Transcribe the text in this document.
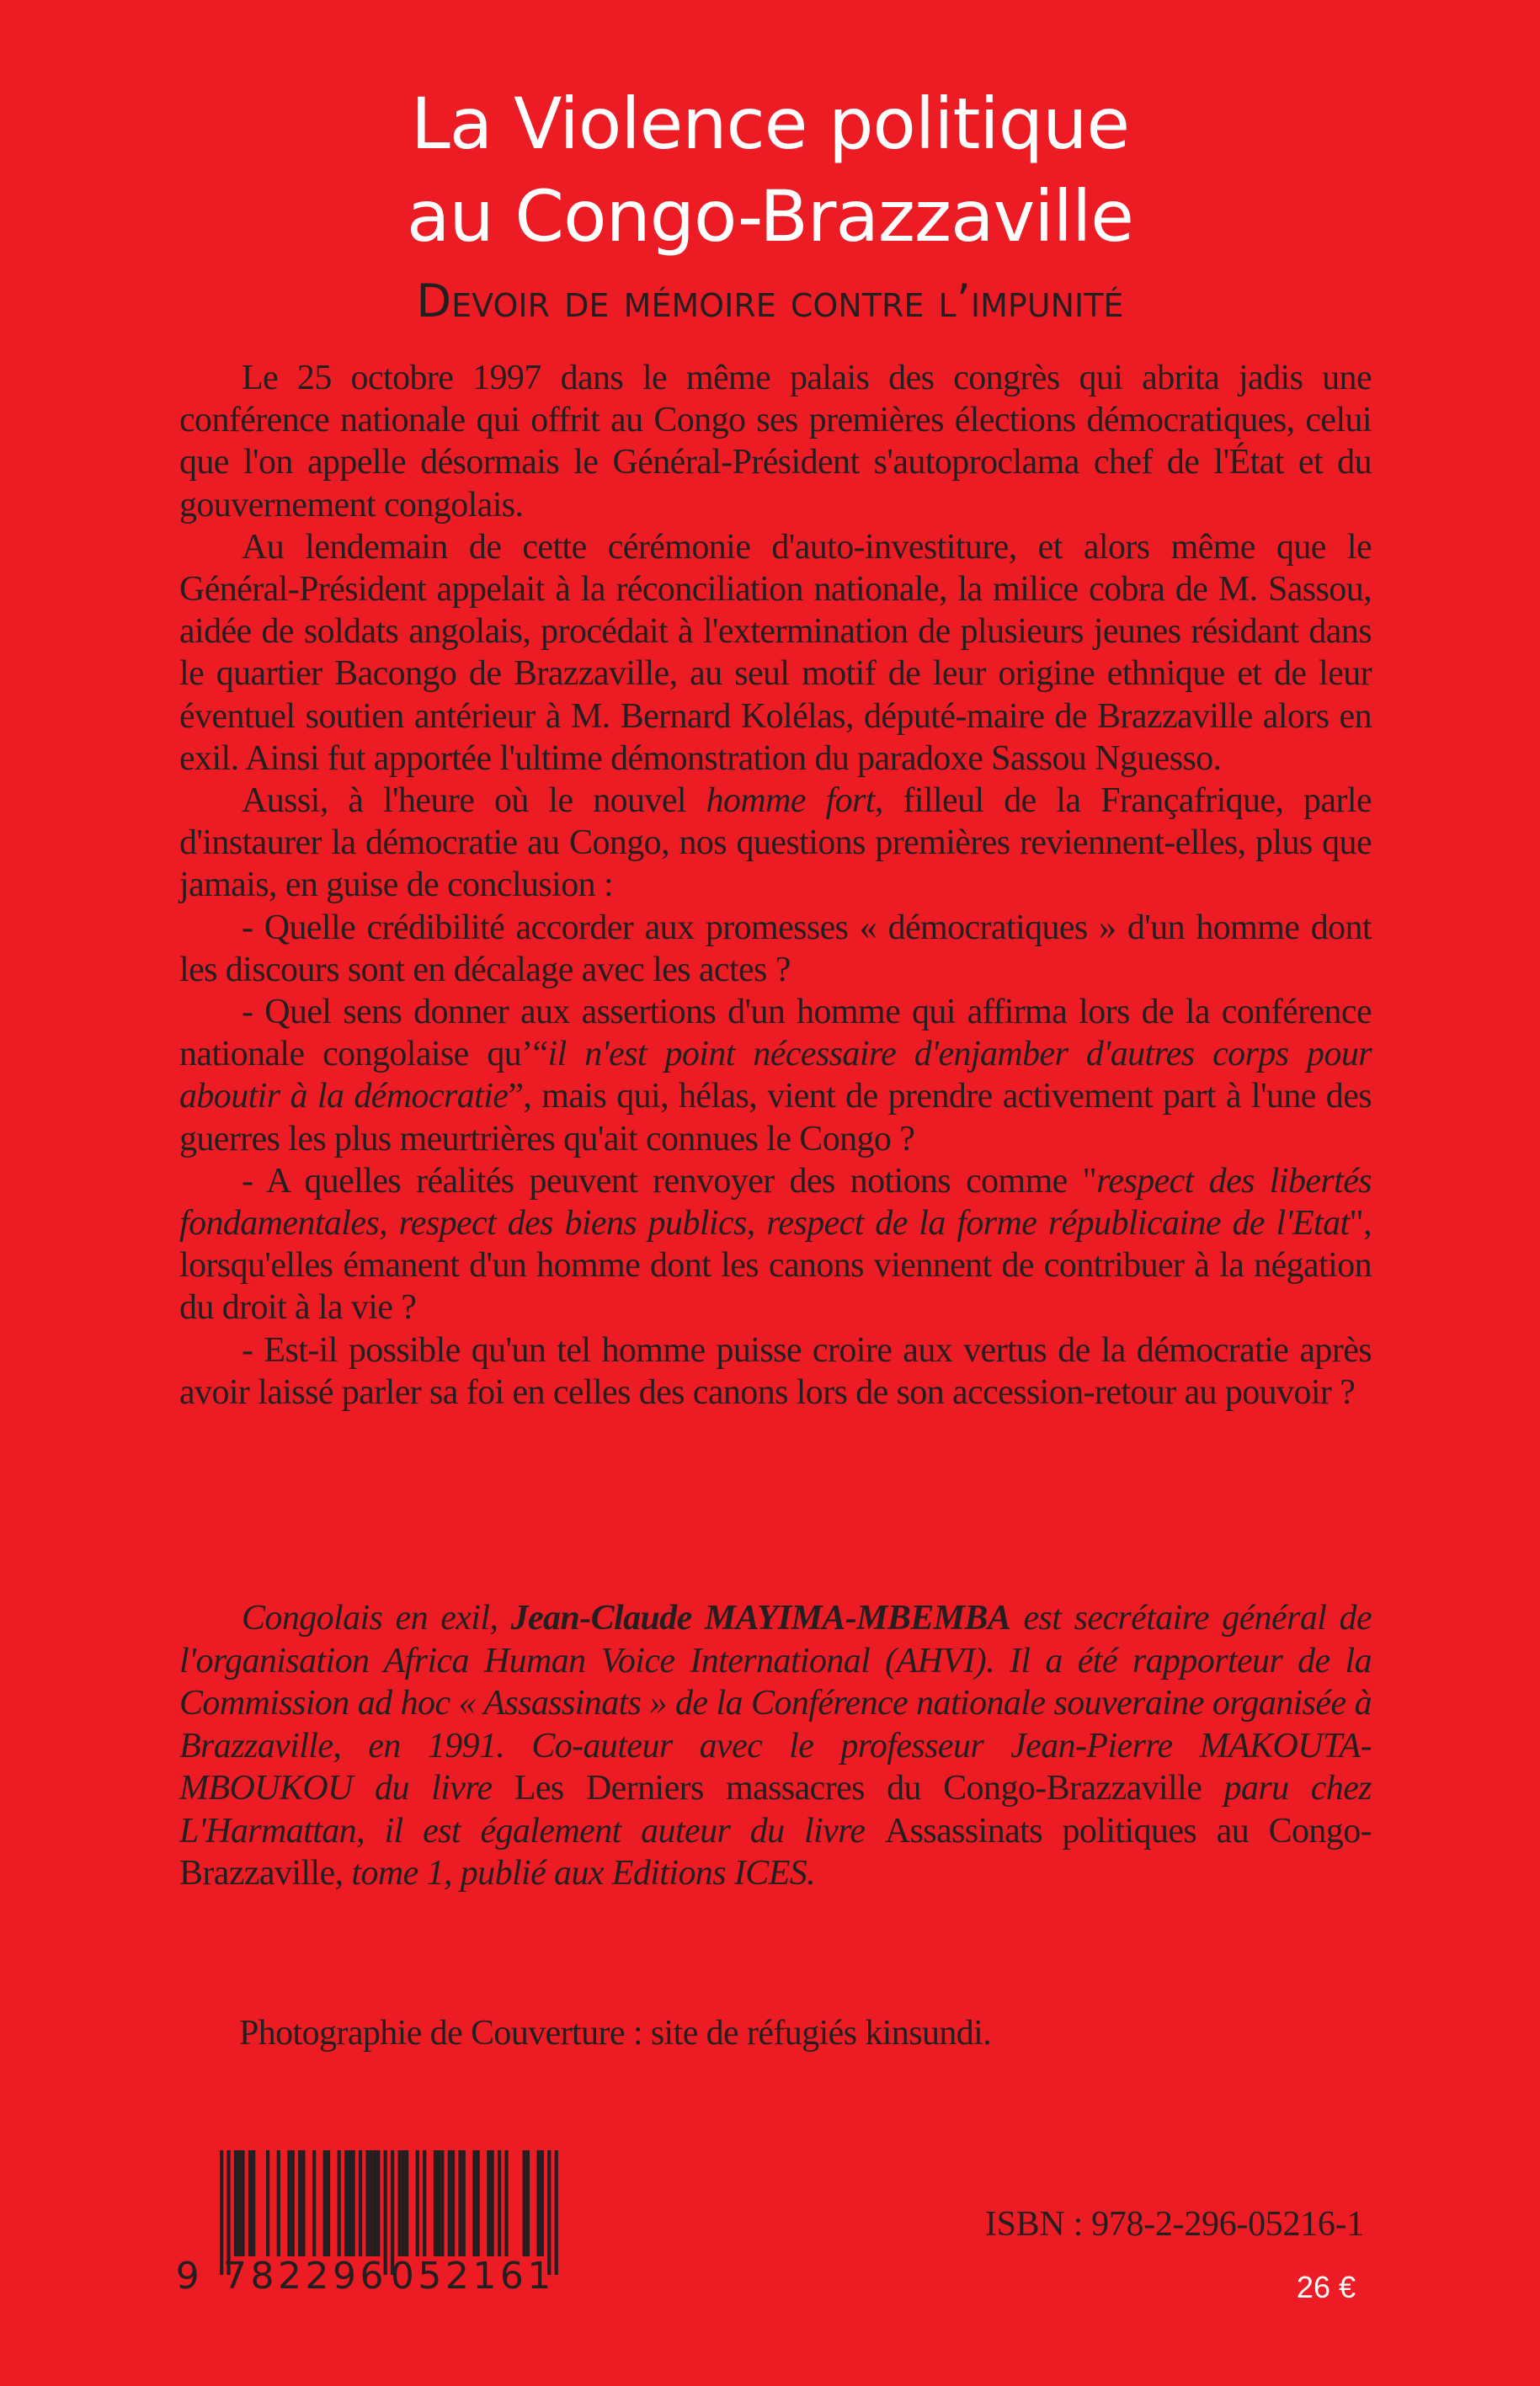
La Violence politique
au Congo-Brazzaville
Devoir de mémoire contre l’impunité

Le 25 octobre 1997 dans le même palais des congrès qui abrita jadis une conférence nationale qui offrit au Congo ses premières élections démocratiques, celui que l'on appelle désormais le Général-Président s'autoproclama chef de l'État et du gouvernement congolais.

Au lendemain de cette cérémonie d'auto-investiture, et alors même que le Général-Président appelait à la réconciliation nationale, la milice cobra de M. Sassou, aidée de soldats angolais, procédait à l'extermination de plusieurs jeunes résidant dans le quartier Bacongo de Brazzaville, au seul motif de leur origine ethnique et de leur éventuel soutien antérieur à M. Bernard Kolélas, député-maire de Brazzaville alors en exil. Ainsi fut apportée l'ultime démonstration du paradoxe Sassou Nguesso.

Aussi, à l'heure où le nouvel homme fort, filleul de la Françafrique, parle d'instaurer la démocratie au Congo, nos questions premières reviennent-elles, plus que jamais, en guise de conclusion :

- Quelle crédibilité accorder aux promesses « démocratiques » d'un homme dont les discours sont en décalage avec les actes ?

- Quel sens donner aux assertions d'un homme qui affirma lors de la conférence nationale congolaise qu’“il n'est point nécessaire d'enjamber d'autres corps pour aboutir à la démocratie”, mais qui, hélas, vient de prendre activement part à l'une des guerres les plus meurtrières qu'ait connues le Congo ?

- A quelles réalités peuvent renvoyer des notions comme "respect des libertés fondamentales, respect des biens publics, respect de la forme républicaine de l'Etat", lorsqu'elles émanent d'un homme dont les canons viennent de contribuer à la négation du droit à la vie ?

- Est-il possible qu'un tel homme puisse croire aux vertus de la démocratie après avoir laissé parler sa foi en celles des canons lors de son accession-retour au pouvoir ?

Congolais en exil, Jean-Claude MAYIMA-MBEMBA est secrétaire général de l'organisation Africa Human Voice International (AHVI). Il a été rapporteur de la Commission ad hoc « Assassinats » de la Conférence nationale souveraine organisée à Brazzaville, en 1991. Co-auteur avec le professeur Jean-Pierre MAKOUTA-MBOUKOU du livre Les Derniers massacres du Congo-Brazzaville paru chez L'Harmattan, il est également auteur du livre Assassinats politiques au Congo-Brazzaville, tome 1, publié aux Editions ICES.

Photographie de Couverture : site de réfugiés kinsundi.
9 782296 052161
ISBN : 978-2-296-05216-1
26 €
